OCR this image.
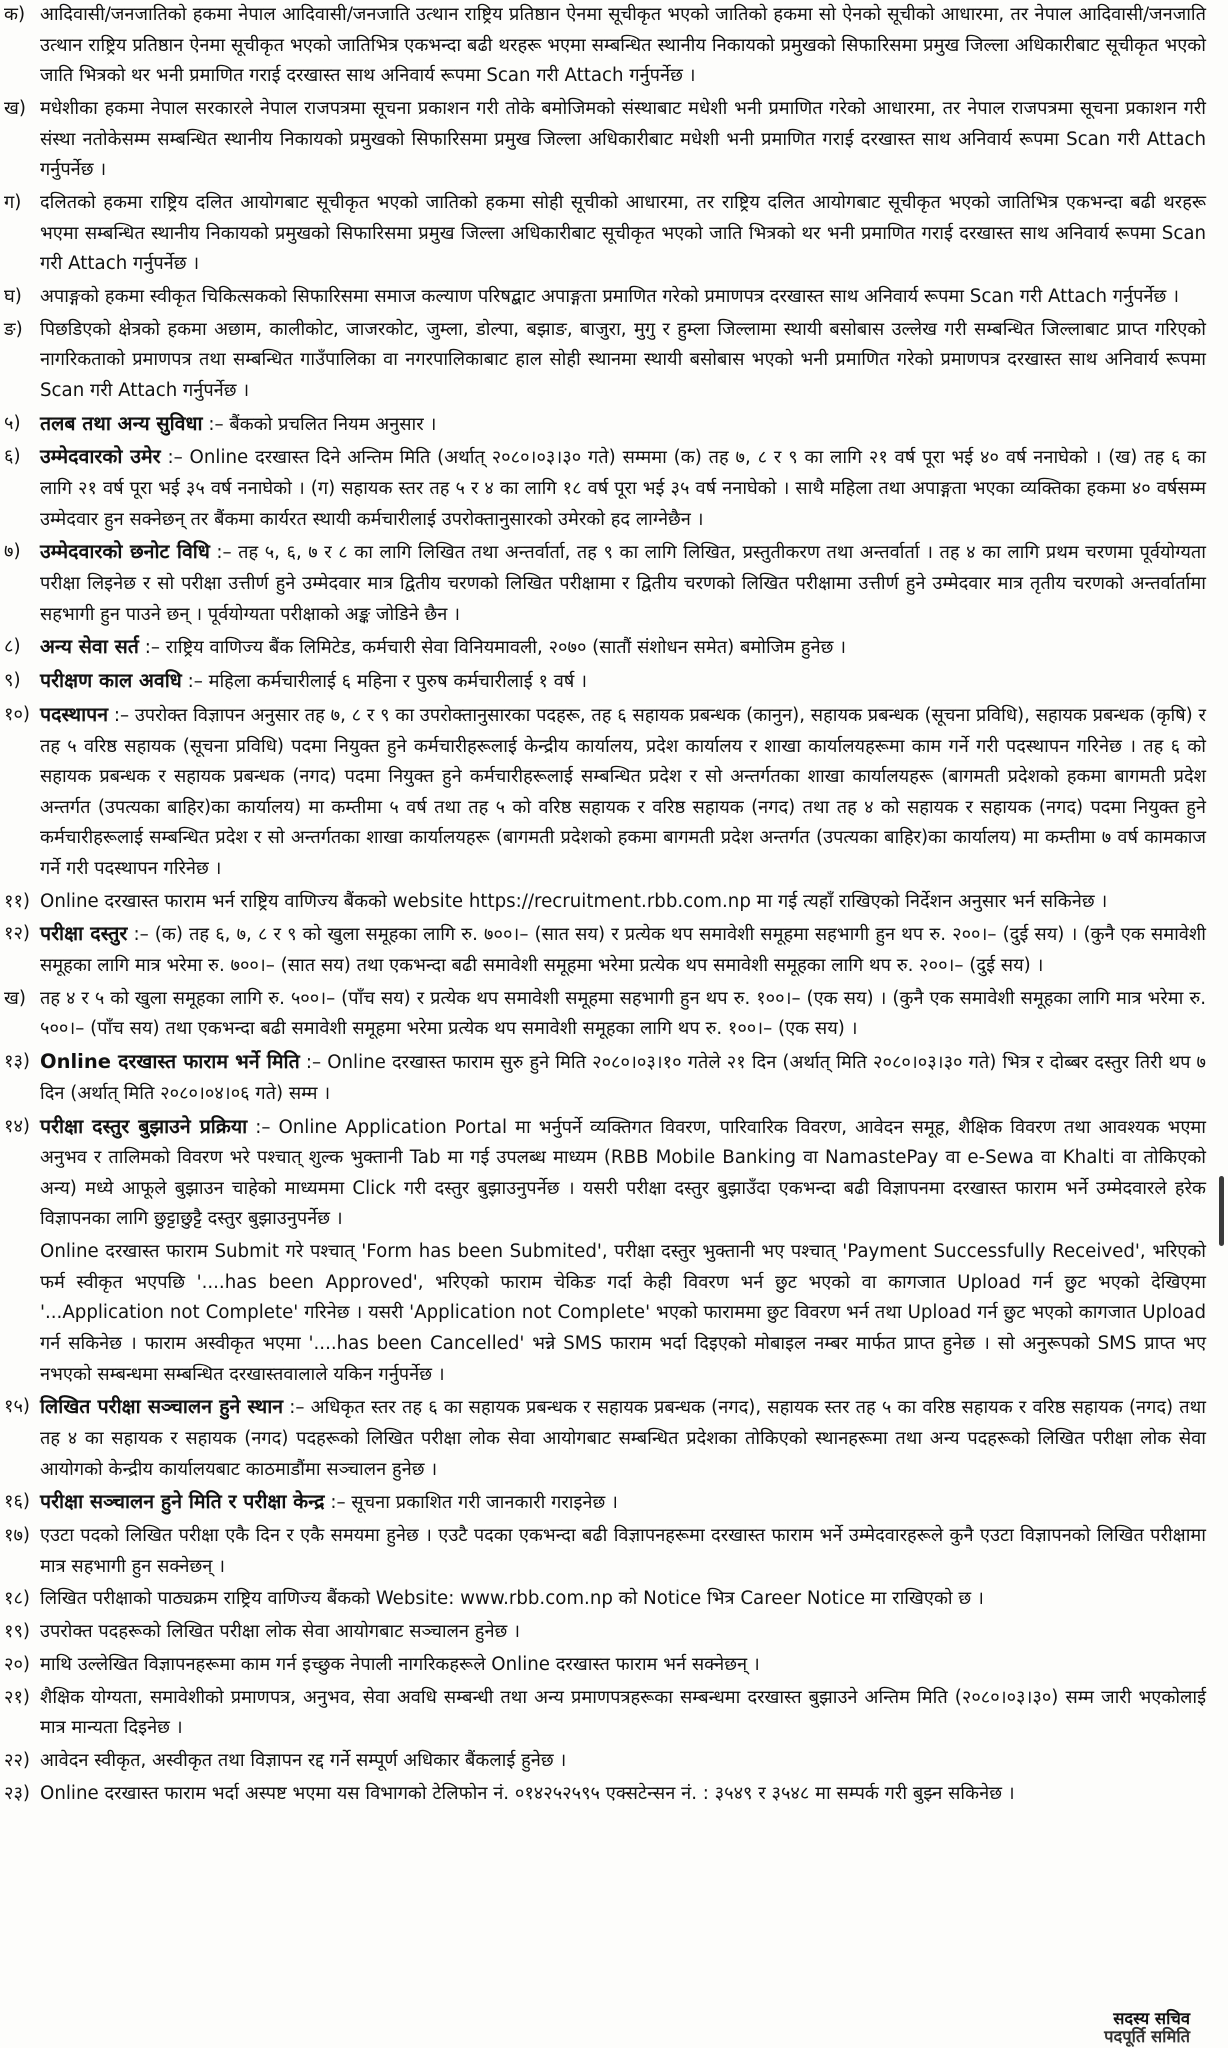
क) आदिवासी/जनजातिको हकमा नेपाल आदिवासी/जनजाति उत्थान राष्ट्रिय प्रतिष्ठान ऐनमा सूचीकृत भएको जातिको हकमा सो ऐनको सूचीको आधारमा, तर नेपाल आदिवासी/जनजाति उत्थान राष्ट्रिय प्रतिष्ठान ऐनमा सूचीकृत भएको जातिभित्र एकभन्दा बढी थरहरू भएमा सम्बन्धित स्थानीय निकायको प्रमुखको सिफारिसमा प्रमुख जिल्ला अधिकारीबाट सूचीकृत भएको जाति भित्रको थर भनी प्रमाणित गराई दरखास्त साथ अनिवार्य रूपमा Scan गरी Attach गर्नुपर्नेछ ।
ख) मधेशीका हकमा नेपाल सरकारले नेपाल राजपत्रमा सूचना प्रकाशन गरी तोके बमोजिमको संस्थाबाट मधेशी भनी प्रमाणित गरेको आधारमा, तर नेपाल राजपत्रमा सूचना प्रकाशन गरी संस्था नतोकेसम्म सम्बन्धित स्थानीय निकायको प्रमुखको सिफारिसमा प्रमुख जिल्ला अधिकारीबाट मधेशी भनी प्रमाणित गराई दरखास्त साथ अनिवार्य रूपमा Scan गरी Attach गर्नुपर्नेछ ।
ग)	दलितको हकमा राष्ट्रिय दलित आयोगबाट सूचीकृत भएको जातिको हकमा सोही सूचीको आधारमा, तर राष्ट्रिय दलित आयोगबाट सूचीकृत भएको जातिभित्र एकभन्दा बढी थरहरू भएमा सम्बन्धित स्थानीय निकायको प्रमुखको सिफारिसमा प्रमुख जिल्ला अधिकारीबाट सूचीकृत भएको जाति भित्रको थर भनी प्रमाणित गराई दरखास्त साथ अनिवार्य रूपमा Scan गरी Attach गर्नुपर्नेछ ।
घ) अपाङ्गको हकमा स्वीकृत चिकित्सकको सिफारिसमा समाज कल्याण परिषद्बाट अपाङ्गता प्रमाणित गरेको प्रमाणपत्र दरखास्त साथ अनिवार्य रूपमा Scan गरी Attach गर्नुपर्नेछ ।
ङ) पिछडिएको क्षेत्रको हकमा अछाम, कालीकोट, जाजरकोट, जुम्ला, डोल्पा, बझाङ, बाजुरा, मुगु र हुम्ला जिल्लामा स्थायी बसोबास उल्लेख गरी सम्बन्धित जिल्लाबाट प्राप्त गरिएको नागरिकताको प्रमाणपत्र तथा सम्बन्धित गाउँपालिका वा नगरपालिकाबाट हाल सोही स्थानमा स्थायी बसोबास भएको भनी प्रमाणित गरेको प्रमाणपत्र दरखास्त साथ अनिवार्य रूपमा Scan गरी Attach गर्नुपर्नेछ ।
५) तलब तथा अन्य सुविधा :– बैंकको प्रचलित नियम अनुसार ।
६) उम्मेदवारको उमेर :– Online दरखास्त दिने अन्तिम मिति (अर्थात् २०८०।०३।३० गते) सम्ममा (क) तह ७, ८ र ९ का लागि २१ वर्ष पूरा भई ४० वर्ष ननाघेको । (ख) तह ६ का लागि २१ वर्ष पूरा भई ३५ वर्ष ननाघेको । (ग) सहायक स्तर तह ५ र ४ का लागि १८ वर्ष पूरा भई ३५ वर्ष ननाघेको । साथै महिला तथा अपाङ्गता भएका व्यक्तिका हकमा ४० वर्षसम्म उम्मेदवार हुन सक्नेछन् तर बैंकमा कार्यरत स्थायी कर्मचारीलाई उपरोक्तानुसारको उमेरको हद लाग्नेछैन ।
७) उम्मेदवारको छनोट विधि :– तह ५, ६, ७ र ८ का लागि लिखित तथा अन्तर्वार्ता, तह ९ का लागि लिखित, प्रस्तुतीकरण तथा अन्तर्वार्ता । तह ४ का लागि प्रथम चरणमा पूर्वयोग्यता परीक्षा लिइनेछ र सो परीक्षा उत्तीर्ण हुने उम्मेदवार मात्र द्वितीय चरणको लिखित परीक्षामा र द्वितीय चरणको लिखित परीक्षामा उत्तीर्ण हुने उम्मेदवार मात्र तृतीय चरणको अन्तर्वार्तामा सहभागी हुन पाउने छन् । पूर्वयोग्यता परीक्षाको अङ्क जोडिने छैन ।
८) अन्य सेवा सर्त :– राष्ट्रिय वाणिज्य बैंक लिमिटेड, कर्मचारी सेवा विनियमावली, २०७० (सातौं संशोधन समेत) बमोजिम हुनेछ ।
९) परीक्षण काल अवधि :– महिला कर्मचारीलाई ६ महिना र पुरुष कर्मचारीलाई १ वर्ष ।
१०) पदस्थापन :– उपरोक्त विज्ञापन अनुसार तह ७, ८ र ९ का उपरोक्तानुसारका पदहरू, तह ६ सहायक प्रबन्धक (कानुन), सहायक प्रबन्धक (सूचना प्रविधि), सहायक प्रबन्धक (कृषि) र तह ५ वरिष्ठ सहायक (सूचना प्रविधि) पदमा नियुक्त हुने कर्मचारीहरूलाई केन्द्रीय कार्यालय, प्रदेश कार्यालय र शाखा कार्यालयहरूमा काम गर्ने गरी पदस्थापन गरिनेछ । तह ६ को सहायक प्रबन्धक र सहायक प्रबन्धक (नगद) पदमा नियुक्त हुने कर्मचारीहरूलाई सम्बन्धित प्रदेश र सो अन्तर्गतका शाखा कार्यालयहरू (बागमती प्रदेशको हकमा बागमती प्रदेश अन्तर्गत (उपत्यका बाहिर)का कार्यालय) मा कम्तीमा ५ वर्ष तथा तह ५ को वरिष्ठ सहायक र वरिष्ठ सहायक (नगद) तथा तह ४ को सहायक र सहायक (नगद) पदमा नियुक्त हुने कर्मचारीहरूलाई सम्बन्धित प्रदेश र सो अन्तर्गतका शाखा कार्यालयहरू (बागमती प्रदेशको हकमा बागमती प्रदेश अन्तर्गत (उपत्यका बाहिर)का कार्यालय) मा कम्तीमा ७ वर्ष कामकाज गर्ने गरी पदस्थापन गरिनेछ ।
११) Online दरखास्त फाराम भर्न राष्ट्रिय वाणिज्य बैंकको website https://recruitment.rbb.com.np मा गई त्यहाँ राखिएको निर्देशन अनुसार भर्न सकिनेछ ।
१२) परीक्षा दस्तुर :– (क) तह ६, ७, ८ र ९ को खुला समूहका लागि रु. ७००।– (सात सय) र प्रत्येक थप समावेशी समूहमा सहभागी हुन थप रु. २००।– (दुई सय) । (कुनै एक समावेशी समूहका लागि मात्र भरेमा रु. ७००।– (सात सय) तथा एकभन्दा बढी समावेशी समूहमा भरेमा प्रत्येक थप समावेशी समूहका लागि थप रु. २००।– (दुई सय) ।
ख) तह ४ र ५ को खुला समूहका लागि रु. ५००।– (पाँच सय) र प्रत्येक थप समावेशी समूहमा सहभागी हुन थप रु. १००।– (एक सय) । (कुनै एक समावेशी समूहका लागि मात्र भरेमा रु. ५००।– (पाँच सय) तथा एकभन्दा बढी समावेशी समूहमा भरेमा प्रत्येक थप समावेशी समूहका लागि थप रु. १००।– (एक सय) ।
१३) Online दरखास्त फाराम भर्ने मिति :– Online दरखास्त फाराम सुरु हुने मिति २०८०।०३।१० गतेले २१ दिन (अर्थात् मिति २०८०।०३।३० गते) भित्र र दोब्बर दस्तुर तिरी थप ७ दिन (अर्थात् मिति २०८०।०४।०६ गते) सम्म ।
१४) परीक्षा दस्तुर बुझाउने प्रक्रिया :– Online Application Portal मा भर्नुपर्ने व्यक्तिगत विवरण, पारिवारिक विवरण, आवेदन समूह, शैक्षिक विवरण तथा आवश्यक भएमा अनुभव र तालिमको विवरण भरे पश्चात् शुल्क भुक्तानी Tab मा गई उपलब्ध माध्यम (RBB Mobile Banking वा NamastePay वा e-Sewa वा Khalti वा तोकिएको अन्य) मध्ये आफूले बुझाउन चाहेको माध्यममा Click गरी दस्तुर बुझाउनुपर्नेछ । यसरी परीक्षा दस्तुर बुझाउँदा एकभन्दा बढी विज्ञापनमा दरखास्त फाराम भर्ने उम्मेदवारले हरेक विज्ञापनका लागि छुट्टाछुट्टै दस्तुर बुझाउनुपर्नेछ ।
Online दरखास्त फाराम Submit गरे पश्चात् 'Form has been Submited', परीक्षा दस्तुर भुक्तानी भए पश्चात् 'Payment Successfully Received', भरिएको फर्म स्वीकृत भएपछि '....has been Approved', भरिएको फाराम चेकिङ गर्दा केही विवरण भर्न छुट भएको वा कागजात Upload गर्न छुट भएको देखिएमा '...Application not Complete' गरिनेछ । यसरी 'Application not Complete' भएको फाराममा छुट विवरण भर्न तथा Upload गर्न छुट भएको कागजात Upload गर्न सकिनेछ । फाराम अस्वीकृत भएमा '....has been Cancelled' भन्ने SMS फाराम भर्दा दिइएको मोबाइल नम्बर मार्फत प्राप्त हुनेछ । सो अनुरूपको SMS प्राप्त भए नभएको सम्बन्धमा सम्बन्धित दरखास्तवालाले यकिन गर्नुपर्नेछ ।
१५) लिखित परीक्षा सञ्चालन हुने स्थान :– अधिकृत स्तर तह ६ का सहायक प्रबन्धक र सहायक प्रबन्धक (नगद), सहायक स्तर तह ५ का वरिष्ठ सहायक र वरिष्ठ सहायक (नगद) तथा तह ४ का सहायक र सहायक (नगद) पदहरूको लिखित परीक्षा लोक सेवा आयोगबाट सम्बन्धित प्रदेशका तोकिएको स्थानहरूमा तथा अन्य पदहरूको लिखित परीक्षा लोक सेवा आयोगको केन्द्रीय कार्यालयबाट काठमाडौंमा सञ्चालन हुनेछ ।
१६) परीक्षा सञ्चालन हुने मिति र परीक्षा केन्द्र :– सूचना प्रकाशित गरी जानकारी गराइनेछ ।
१७) एउटा पदको लिखित परीक्षा एकै दिन र एकै समयमा हुनेछ । एउटै पदका एकभन्दा बढी विज्ञापनहरूमा दरखास्त फाराम भर्ने उम्मेदवारहरूले कुनै एउटा विज्ञापनको लिखित परीक्षामा मात्र सहभागी हुन सक्नेछन् ।
१८) लिखित परीक्षाको पाठ्यक्रम राष्ट्रिय वाणिज्य बैंकको Website: www.rbb.com.np को Notice भित्र Career Notice मा राखिएको छ ।
१९) उपरोक्त पदहरूको लिखित परीक्षा लोक सेवा आयोगबाट सञ्चालन हुनेछ ।
२०) माथि उल्लेखित विज्ञापनहरूमा काम गर्न इच्छुक नेपाली नागरिकहरूले Online दरखास्त फाराम भर्न सक्नेछन् ।
२१) शैक्षिक योग्यता, समावेशीको प्रमाणपत्र, अनुभव, सेवा अवधि सम्बन्धी तथा अन्य प्रमाणपत्रहरूका सम्बन्धमा दरखास्त बुझाउने अन्तिम मिति (२०८०।०३।३०) सम्म जारी भएकोलाई मात्र मान्यता दिइनेछ ।
२२) आवेदन स्वीकृत, अस्वीकृत तथा विज्ञापन रद्द गर्ने सम्पूर्ण अधिकार बैंकलाई हुनेछ ।
२३) Online दरखास्त फाराम भर्दा अस्पष्ट भएमा यस विभागको टेलिफोन नं. ०१४२५२५९५ एक्सटेन्सन नं. : ३५४९ र ३५४८ मा सम्पर्क गरी बुझ्न सकिनेछ ।
सदस्य सचिव
पदपूर्ति समिति
